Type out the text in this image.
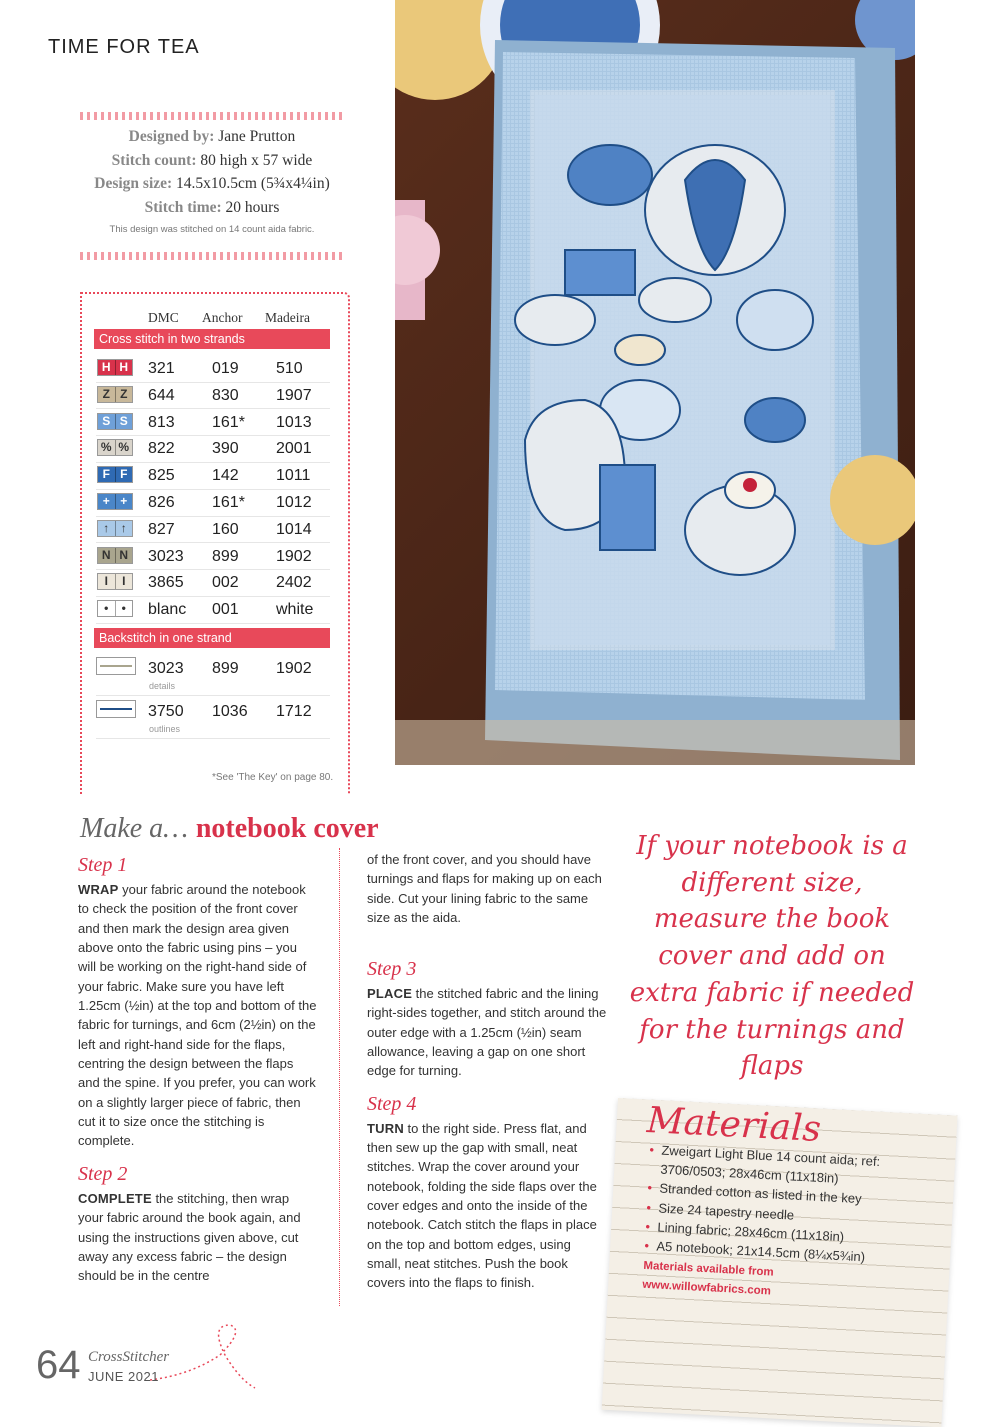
TIME FOR TEA
Designed by: Jane Prutton
Stitch count: 80 high x 57 wide
Design size: 14.5x10.5cm (5¾x4¼in)
Stitch time: 20 hours
This design was stitched on 14 count aida fabric.
DMC Anchor Madeira
Cross stitch in two strands
H H 321 019 510
Z Z 644 830 1907
S S 813 161* 1013
% % 822 390 2001
F F 825 142 1011
+ + 826 161* 1012
↑ ↑	827 160 1014
N N 3023 899 1902
I	I	3865 002 2402
•	•	blanc 001 white
Backstitch in one strand
3023 899 1902
details
3750 1036 1712
outlines
*See 'The Key' on page 80.
Make a… notebook cover
Step 1

WRAP your fabric around the notebook to check the position of the front cover and then mark the design area given above onto the fabric using pins – you will be working on the right-hand side of your fabric. Make sure you have left 1.25cm (½in) at the top and bottom of the fabric for turnings, and 6cm (2½in) on the left and right-hand side for the flaps, centring the design between the flaps and the spine. If you prefer, you can work on a slightly larger piece of fabric, then cut it to size once the stitching is complete.

Step 2

COMPLETE the stitching, then wrap your fabric around the book again, and using the instructions given above, cut away any excess fabric – the design should be in the centre

of the front cover, and you should have turnings and flaps for making up on each side. Cut your lining fabric to the same size as the aida.

Step 3

PLACE the stitched fabric and the lining right-sides together, and stitch around the outer edge with a 1.25cm (½in) seam allowance, leaving a gap on one short edge for turning.

Step 4

TURN to the right side. Press flat, and then sew up the gap with small, neat stitches. Wrap the cover around your notebook, folding the side flaps over the cover edges and onto the inside of the notebook. Catch stitch the flaps in place on the top and bottom edges, using small, neat stitches. Push the book covers into the flaps to finish.

If your notebook is a different size, measure the book cover and add on extra fabric if needed for the turnings and flaps
Materials
• Zweigart Light Blue 14 count aida; ref: 3706/0503; 28x46cm (11x18in)
• Stranded cotton as listed in the key
• Size 24 tapestry needle
• Lining fabric; 28x46cm (11x18in)
• A5 notebook; 21x14.5cm (8¼x5¾in)
Materials available from www.willowfabrics.com
64 CrossStitcher
JUNE 2021
